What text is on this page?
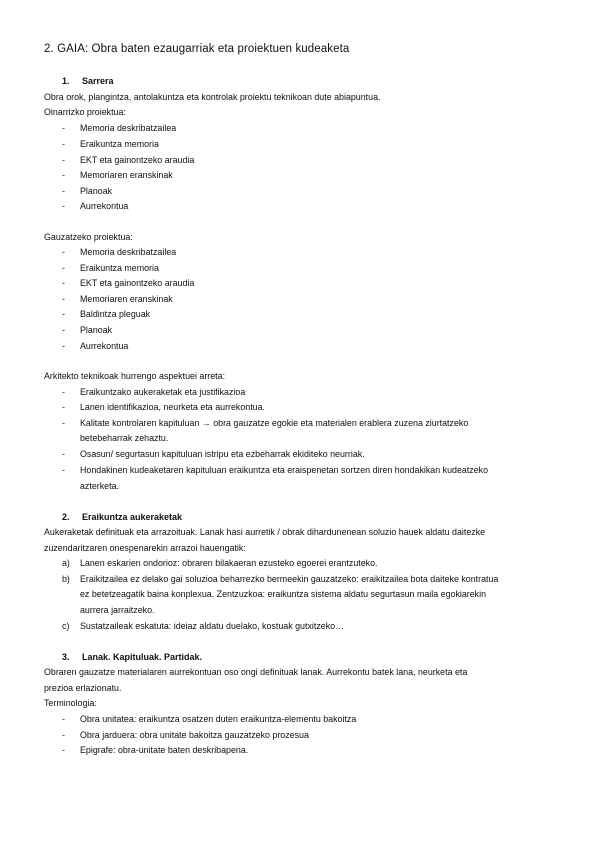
2. GAIA: Obra baten ezaugarriak eta proiektuen kudeaketa
1. Sarrera
Obra orok, plangintza, antolakuntza eta kontrolak proiektu teknikoan dute abiapuntua.
Oinarrizko proiektua:
- Memoria deskribatzailea
- Eraikuntza memoria
- EKT eta gainontzeko araudia
- Memoriaren eranskinak
- Planoak
- Aurrekontua
Gauzatzeko proiektua:
- Memoria deskribatzailea
- Eraikuntza memoria
- EKT eta gainontzeko araudia
- Memoriaren eranskinak
- Baldintza pleguak
- Planoak
- Aurrekontua
Arkitekto teknikoak hurrengo aspektuei arreta:
- Eraikuntzako aukeraketak eta justifikazioa
- Lanen identifikazioa, neurketa eta aurrekontua.
- Kalitate kontrolaren kapituluan → obra gauzatze egokie eta materialen erablera zuzena ziurtatzeko
betebeharrak zehaztu.
- Osasun/ segurtasun kapituluan istripu eta ezbeharrak ekiditeko neurriak.
- Hondakinen kudeaketaren kapituluan eraikuntza eta eraispenetan sortzen diren hondakikan kudeatzeko
azterketa.
2. Eraikuntza aukeraketak
Aukeraketak definituak eta arrazoituak. Lanak hasi aurretik / obrak dihardunenean soluzio hauek aldatu daitezke
zuzendaritzaren onespenarekin arrazoi hauengatik:
a) Lanen eskarien ondorioz: obraren bilakaeran ezusteko egoerei erantzuteko.
b) Eraikitzailea ez delako gai soluzioa beharrezko bermeekin gauzatzeko: eraikitzailea bota daiteke kontratua
ez betetzeagatik baina konplexua. Zentzuzkoa: eraikuntza sistema aldatu segurtasun maila egokiarekin
aurrera jarraitzeko.
c) Sustatzaileak eskatuta: ideiaz aldatu duelako, kostuak gutxitzeko…
3. Lanak. Kapituluak. Partidak.
Obraren gauzatze materialaren aurrekontuan oso ongi definituak lanak. Aurrekontu batek lana, neurketa eta
prezioa erlazionatu.
Terminologia:
- Obra unitatea: eraikuntza osatzen duten eraikuntza-elementu bakoitza
- Obra jarduera: obra unitate bakoitza gauzatzeko prozesua
- Epigrafe: obra-unitate baten deskribapena.
